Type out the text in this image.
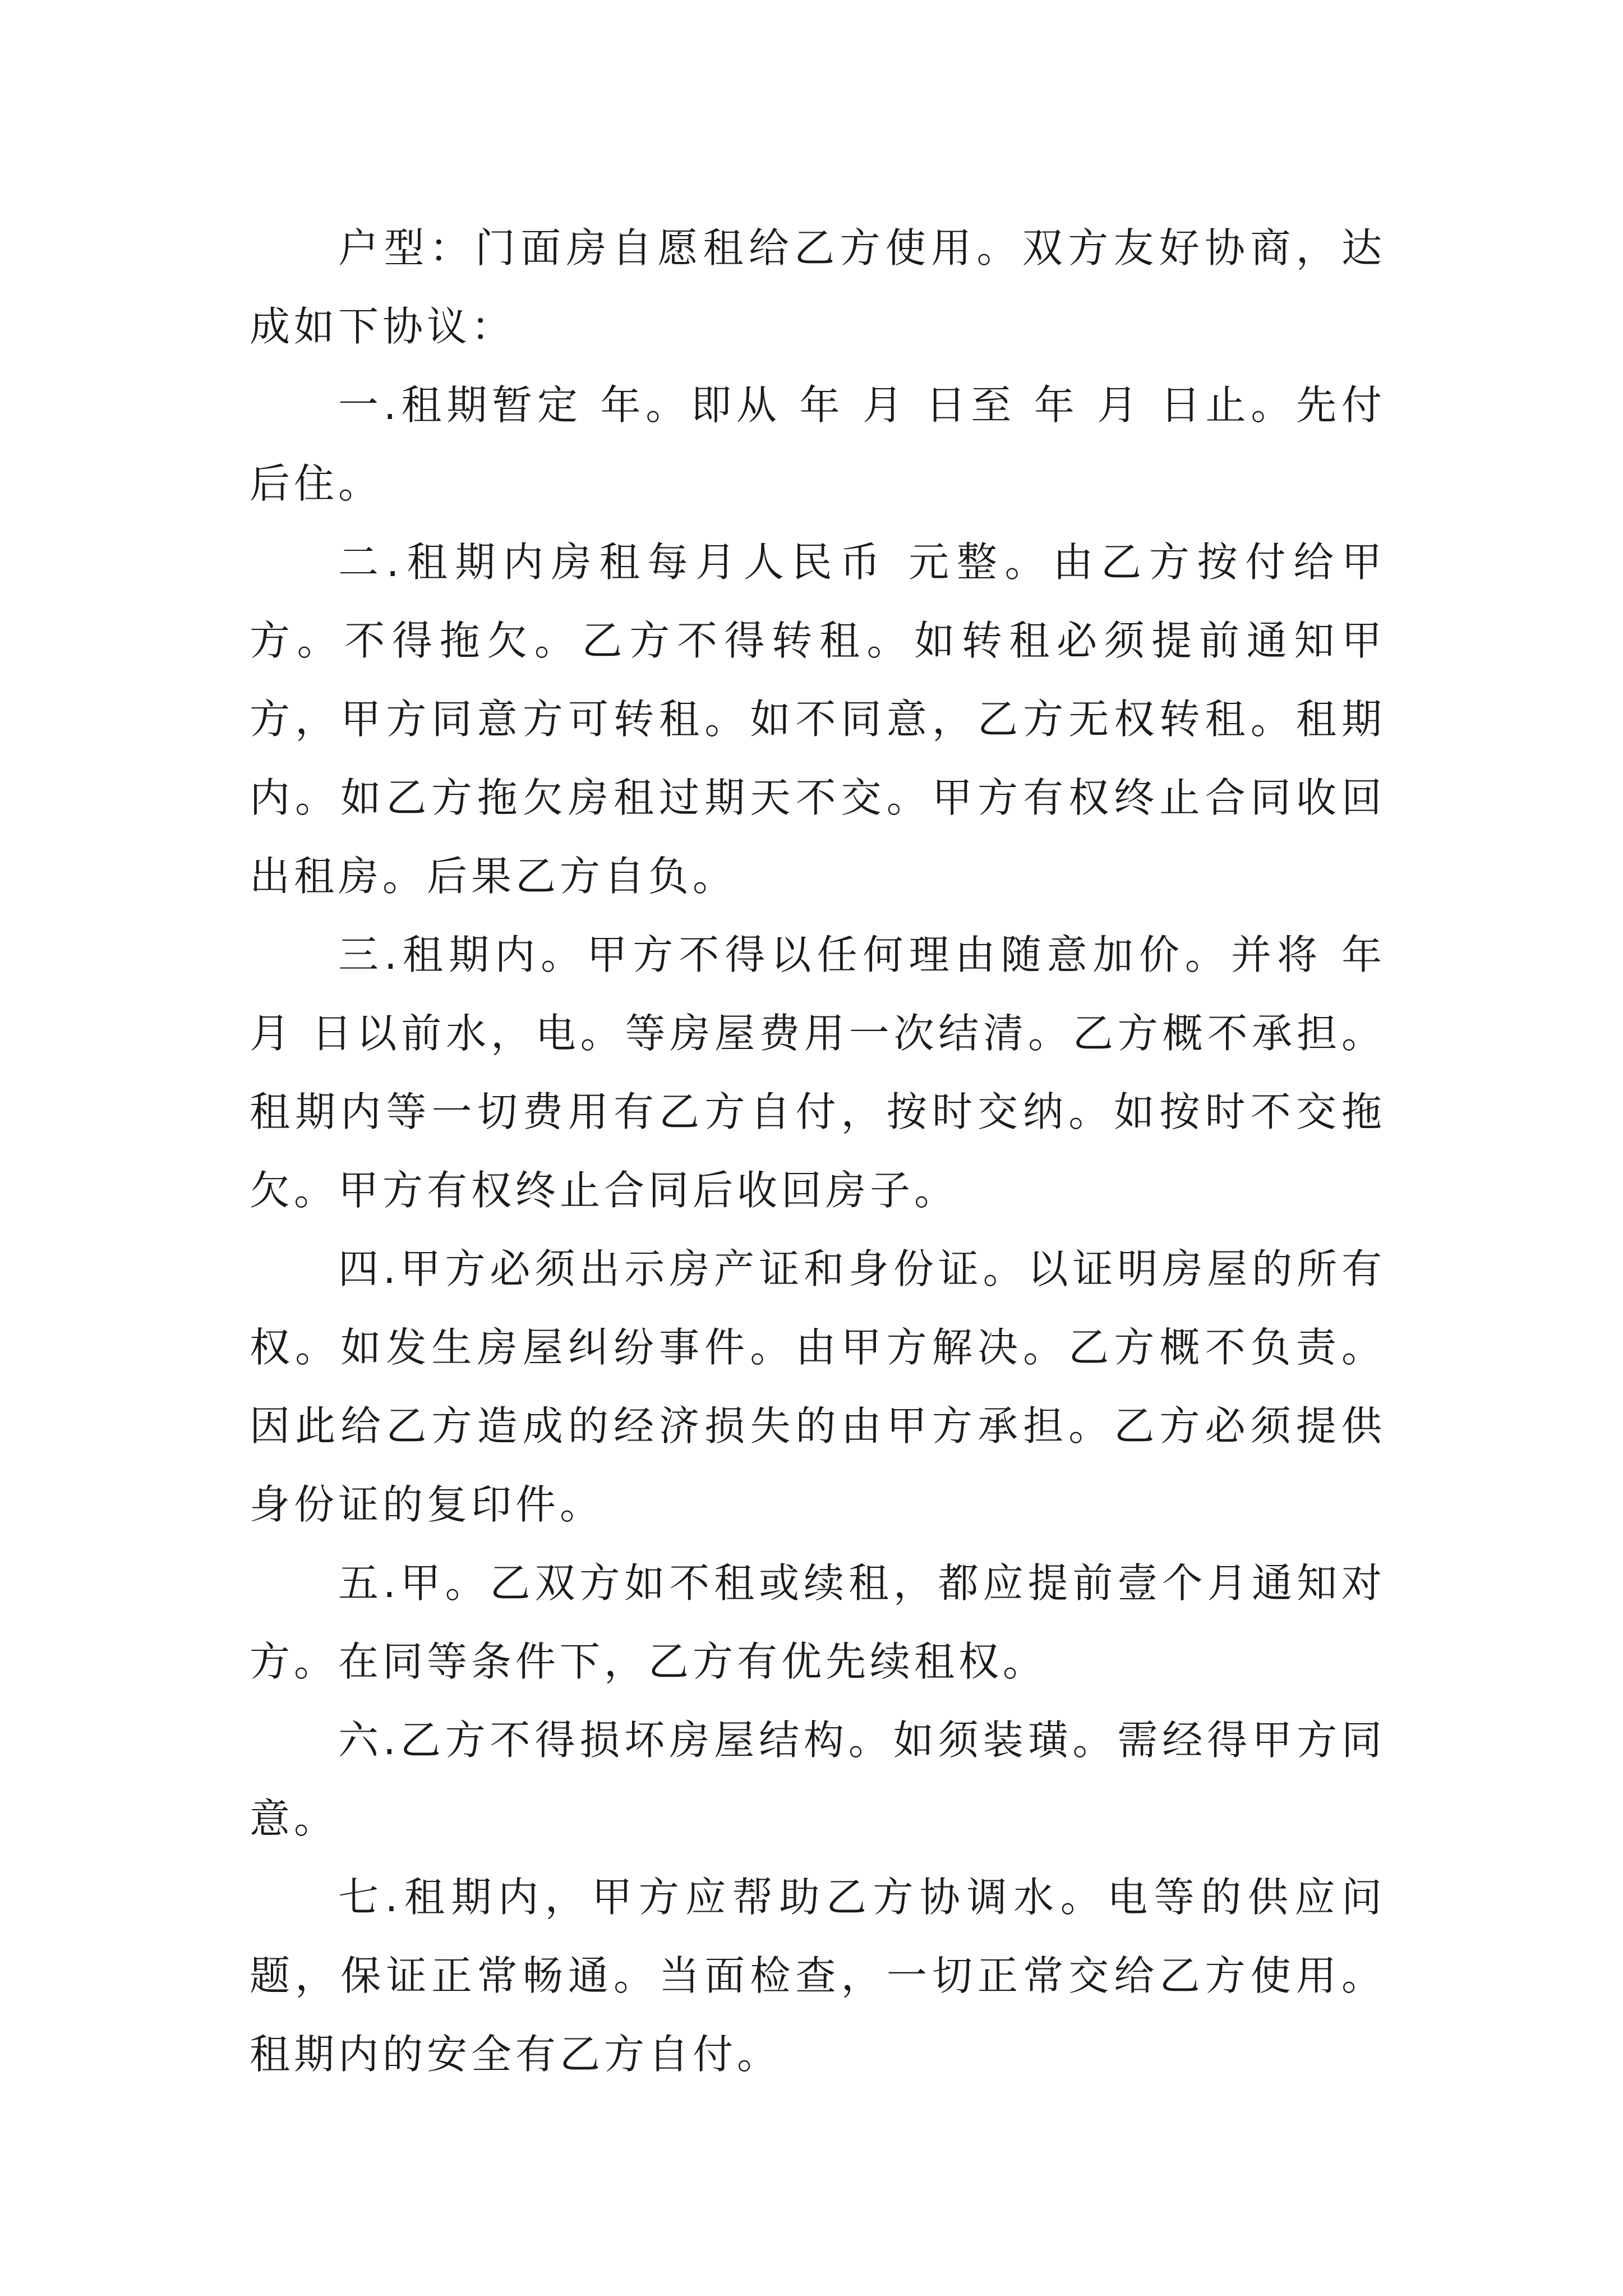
户型：门面房自愿租给乙方使用。双方友好协商，达成如下协议：

一.租期暂定 年。即从 年 月 日至 年 月 日止。先付后住。

二.租期内房租每月人民币 元整。由乙方按付给甲方。不得拖欠。乙方不得转租。如转租必须提前通知甲方，甲方同意方可转租。如不同意，乙方无权转租。租期内。如乙方拖欠房租过期天不交。甲方有权终止合同收回出租房。后果乙方自负。

三.租期内。甲方不得以任何理由随意加价。并将 年 月 日以前水，电。等房屋费用一次结清。乙方概不承担。租期内等一切费用有乙方自付，按时交纳。如按时不交拖欠。甲方有权终止合同后收回房子。

四.甲方必须出示房产证和身份证。以证明房屋的所有权。如发生房屋纠纷事件。由甲方解决。乙方概不负责。因此给乙方造成的经济损失的由甲方承担。乙方必须提供身份证的复印件。

五.甲。乙双方如不租或续租，都应提前壹个月通知对方。在同等条件下，乙方有优先续租权。

六.乙方不得损坏房屋结构。如须装璜。需经得甲方同意。

七.租期内，甲方应帮助乙方协调水。电等的供应问题，保证正常畅通。当面检查，一切正常交给乙方使用。租期内的安全有乙方自付。
